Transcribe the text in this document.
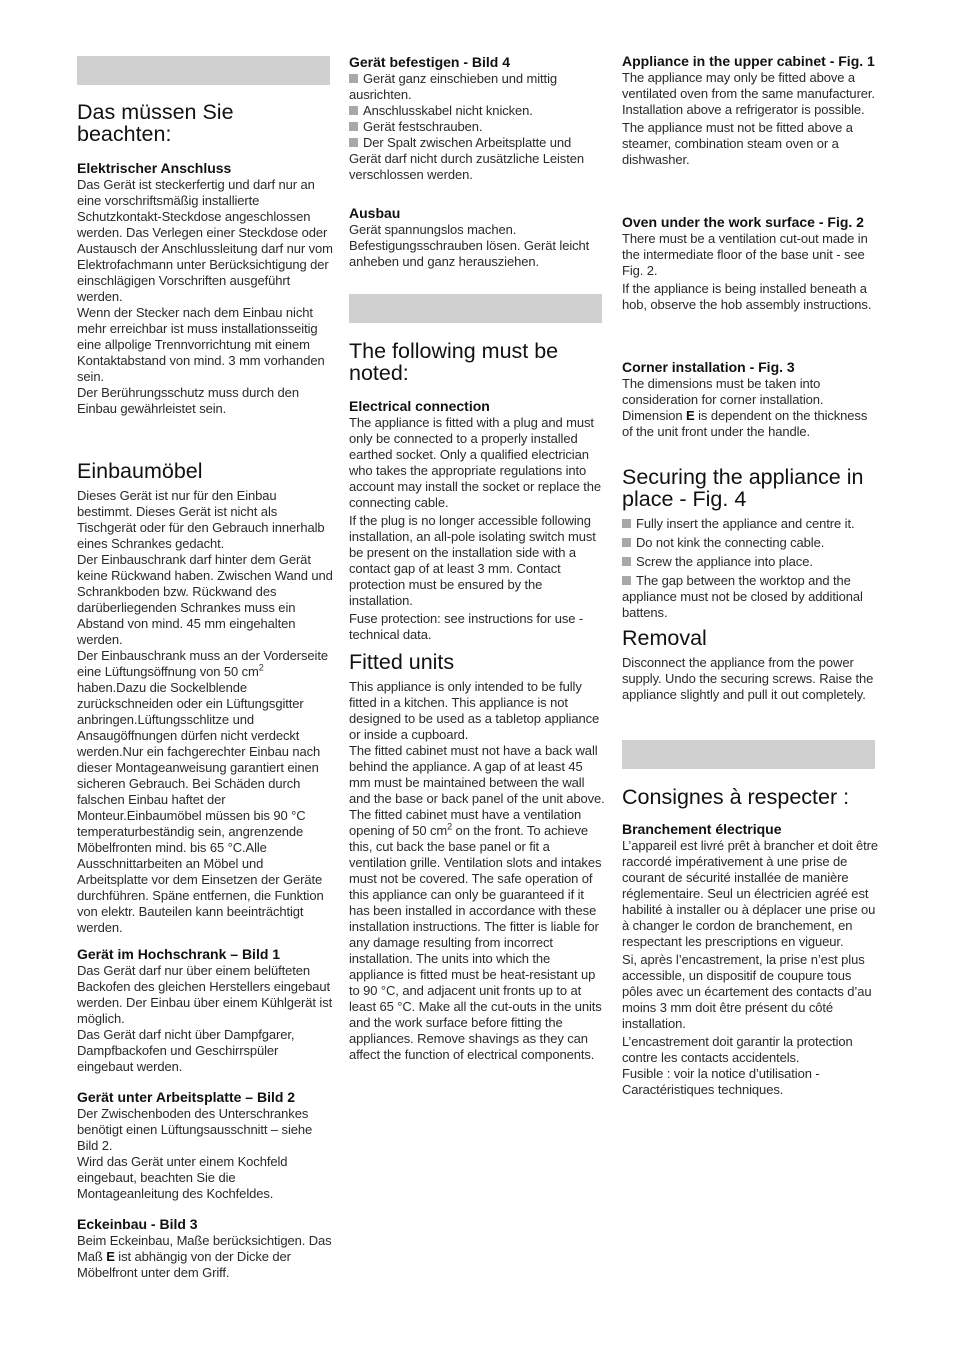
Das müssen Sie beachten:
Elektrischer Anschluss

Das Gerät ist steckerfertig und darf nur an eine vorschriftsmäßig installierte Schutzkontakt-Steckdose angeschlossen werden. Das Verlegen einer Steckdose oder Austausch der Anschlussleitung darf nur vom Elektrofachmann unter Berücksichtigung der einschlägigen Vorschriften ausgeführt werden.

Wenn der Stecker nach dem Einbau nicht mehr erreichbar ist muss installationsseitig eine allpolige Trennvorrichtung mit einem Kontaktabstand von mind. 3 mm vorhanden sein.

Der Berührungsschutz muss durch den Einbau gewährleistet sein.

Einbaumöbel

Dieses Gerät ist nur für den Einbau bestimmt. Dieses Gerät ist nicht als Tischgerät oder für den Gebrauch innerhalb eines Schrankes gedacht.

Der Einbauschrank darf hinter dem Gerät keine Rückwand haben. Zwischen Wand und Schrankboden bzw. Rückwand des darüberliegenden Schrankes muss ein Abstand von mind. 45 mm eingehalten werden.

Der Einbauschrank muss an der Vorderseite eine Lüftungsöffnung von 50 $cm^2$ haben.Dazu die Sockelblende zurückschneiden oder ein Lüftungsgitter anbringen.Lüftungsschlitze und Ansaugöffnungen dürfen nicht verdeckt werden.Nur ein fachgerechter Einbau nach dieser Montageanweisung garantiert einen sicheren Gebrauch. Bei Schäden durch falschen Einbau haftet der Monteur.Einbaumöbel müssen bis 90 °C temperaturbeständig sein, angrenzende Möbelfronten mind. bis 65 °C.Alle Ausschnittarbeiten an Möbel und Arbeitsplatte vor dem Einsetzen der Geräte durchführen. Späne entfernen, die Funktion von elektr. Bauteilen kann beeinträchtigt werden.

Gerät im Hochschrank – Bild 1

Das Gerät darf nur über einem belüfteten Backofen des gleichen Herstellers eingebaut werden. Der Einbau über einem Kühlgerät ist möglich.

Das Gerät darf nicht über Dampfgarer, Dampfbackofen und Geschirrspüler eingebaut werden.

Gerät unter Arbeitsplatte – Bild 2

Der Zwischenboden des Unterschrankes benötigt einen Lüftungsausschnitt – siehe Bild 2.

Wird das Gerät unter einem Kochfeld eingebaut, beachten Sie die Montageanleitung des Kochfeldes.

Eckeinbau - Bild 3

Beim Eckeinbau, Maße berücksichtigen. Das Maß E ist abhängig von der Dicke der Möbelfront unter dem Griff.

Gerät befestigen - Bild 4

Gerät ganz einschieben und mittig ausrichten.

Anschlusskabel nicht knicken.

Gerät festschrauben.

Der Spalt zwischen Arbeitsplatte und Gerät darf nicht durch zusätzliche Leisten verschlossen werden.

Ausbau

Gerät spannungslos machen. Befestigungsschrauben lösen. Gerät leicht anheben und ganz herausziehen.

The following must be noted:
Electrical connection

The appliance is fitted with a plug and must only be connected to a properly installed earthed socket. Only a qualified electrician who takes the appropriate regulations into account may install the socket or replace the connecting cable.

If the plug is no longer accessible following installation, an all-pole isolating switch must be present on the installation side with a contact gap of at least 3 mm. Contact protection must be ensured by the installation.

Fuse protection: see instructions for use - technical data.

Fitted units

This appliance is only intended to be fully fitted in a kitchen. This appliance is not designed to be used as a tabletop appliance or inside a cupboard.

The fitted cabinet must not have a back wall behind the appliance. A gap of at least 45 mm must be maintained between the wall and the base or back panel of the unit above.

The fitted cabinet must have a ventilation opening of 50 $cm^2$ on the front. To achieve this, cut back the base panel or fit a ventilation grille. Ventilation slots and intakes must not be covered. The safe operation of this appliance can only be guaranteed if it has been installed in accordance with these installation instructions. The fitter is liable for any damage resulting from incorrect installation. The units into which the appliance is fitted must be heat-resistant up to 90 °C, and adjacent unit fronts up to at least 65 °C. Make all the cut-outs in the units and the work surface before fitting the appliances. Remove shavings as they can affect the function of electrical components.

Appliance in the upper cabinet - Fig. 1

The appliance may only be fitted above a ventilated oven from the same manufacturer. Installation above a refrigerator is possible.

The appliance must not be fitted above a steamer, combination steam oven or a dishwasher.

Oven under the work surface - Fig. 2

There must be a ventilation cut-out made in the intermediate floor of the base unit - see Fig. 2.

If the appliance is being installed beneath a hob, observe the hob assembly instructions.

Corner installation - Fig. 3

The dimensions must be taken into consideration for corner installation. Dimension E is dependent on the thickness of the unit front under the handle.

Securing the appliance in place - Fig. 4

Fully insert the appliance and centre it.

Do not kink the connecting cable.

Screw the appliance into place.

The gap between the worktop and the appliance must not be closed by additional battens.

Removal

Disconnect the appliance from the power supply. Undo the securing screws. Raise the appliance slightly and pull it out completely.

Consignes à respecter :
Branchement électrique

L’appareil est livré prêt à brancher et doit être raccordé impérativement à une prise de courant de sécurité installée de manière réglementaire. Seul un électricien agréé est habilité à installer ou à déplacer une prise ou à changer le cordon de branchement, en respectant les prescriptions en vigueur.

Si, après l’encastrement, la prise n’est plus accessible, un dispositif de coupure tous pôles avec un écartement des contacts d’au moins 3 mm doit être présent du côté installation.

L’encastrement doit garantir la protection contre les contacts accidentels.

Fusible : voir la notice d’utilisation - Caractéristiques techniques.
